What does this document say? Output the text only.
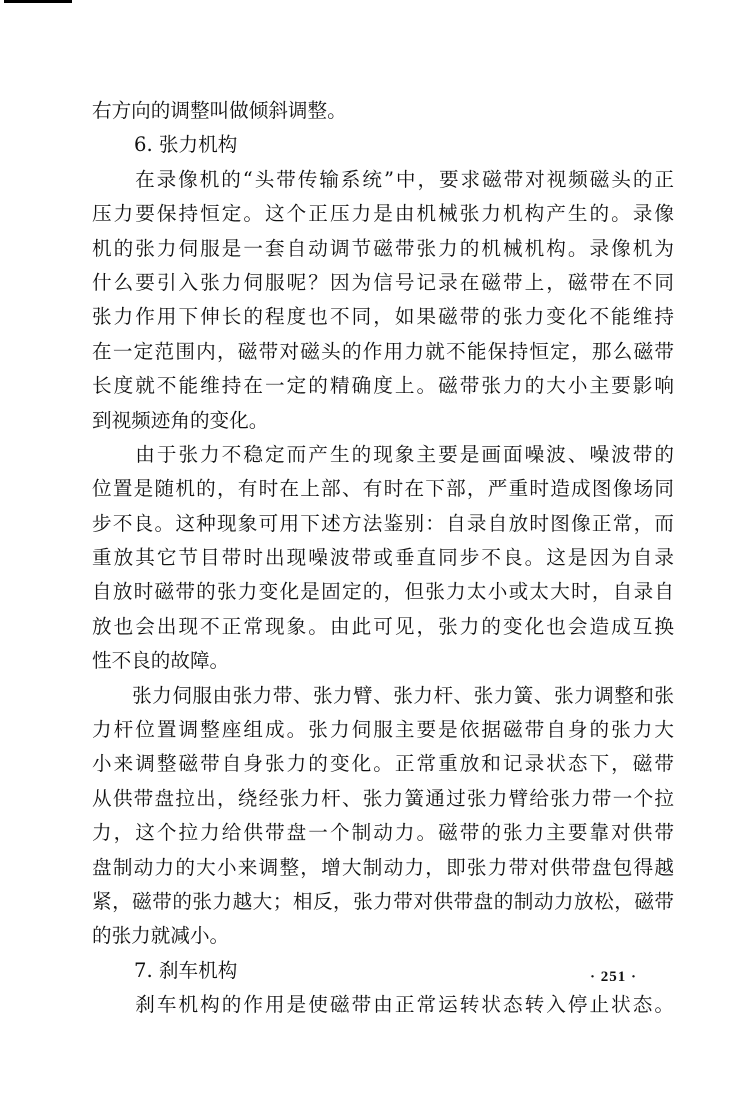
右方向的调整叫做倾斜调整。
6. 张力机构
　　在录像机的“头带传输系统”中，要求磁带对视频磁头的正
压力要保持恒定。这个正压力是由机械张力机构产生的。录像
机的张力伺服是一套自动调节磁带张力的机械机构。录像机为
什么要引入张力伺服呢？因为信号记录在磁带上，磁带在不同
张力作用下伸长的程度也不同，如果磁带的张力变化不能维持
在一定范围内，磁带对磁头的作用力就不能保持恒定，那么磁带
长度就不能维持在一定的精确度上。磁带张力的大小主要影响
到视频迹角的变化。
　　由于张力不稳定而产生的现象主要是画面噪波、噪波带的
位置是随机的，有时在上部、有时在下部，严重时造成图像场同
步不良。这种现象可用下述方法鉴别：自录自放时图像正常，而
重放其它节目带时出现噪波带或垂直同步不良。这是因为自录
自放时磁带的张力变化是固定的，但张力太小或太大时，自录自
放也会出现不正常现象。由此可见，张力的变化也会造成互换
性不良的故障。
　　张力伺服由张力带、张力臂、张力杆、张力簧、张力调整和张
力杆位置调整座组成。张力伺服主要是依据磁带自身的张力大
小来调整磁带自身张力的变化。正常重放和记录状态下，磁带
从供带盘拉出，绕经张力杆、张力簧通过张力臂给张力带一个拉
力，这个拉力给供带盘一个制动力。磁带的张力主要靠对供带
盘制动力的大小来调整，增大制动力，即张力带对供带盘包得越
紧，磁带的张力越大；相反，张力带对供带盘的制动力放松，磁带
的张力就减小。
7. 刹车机构
　　刹车机构的作用是使磁带由正常运转状态转入停止状态。
· 251 ·
